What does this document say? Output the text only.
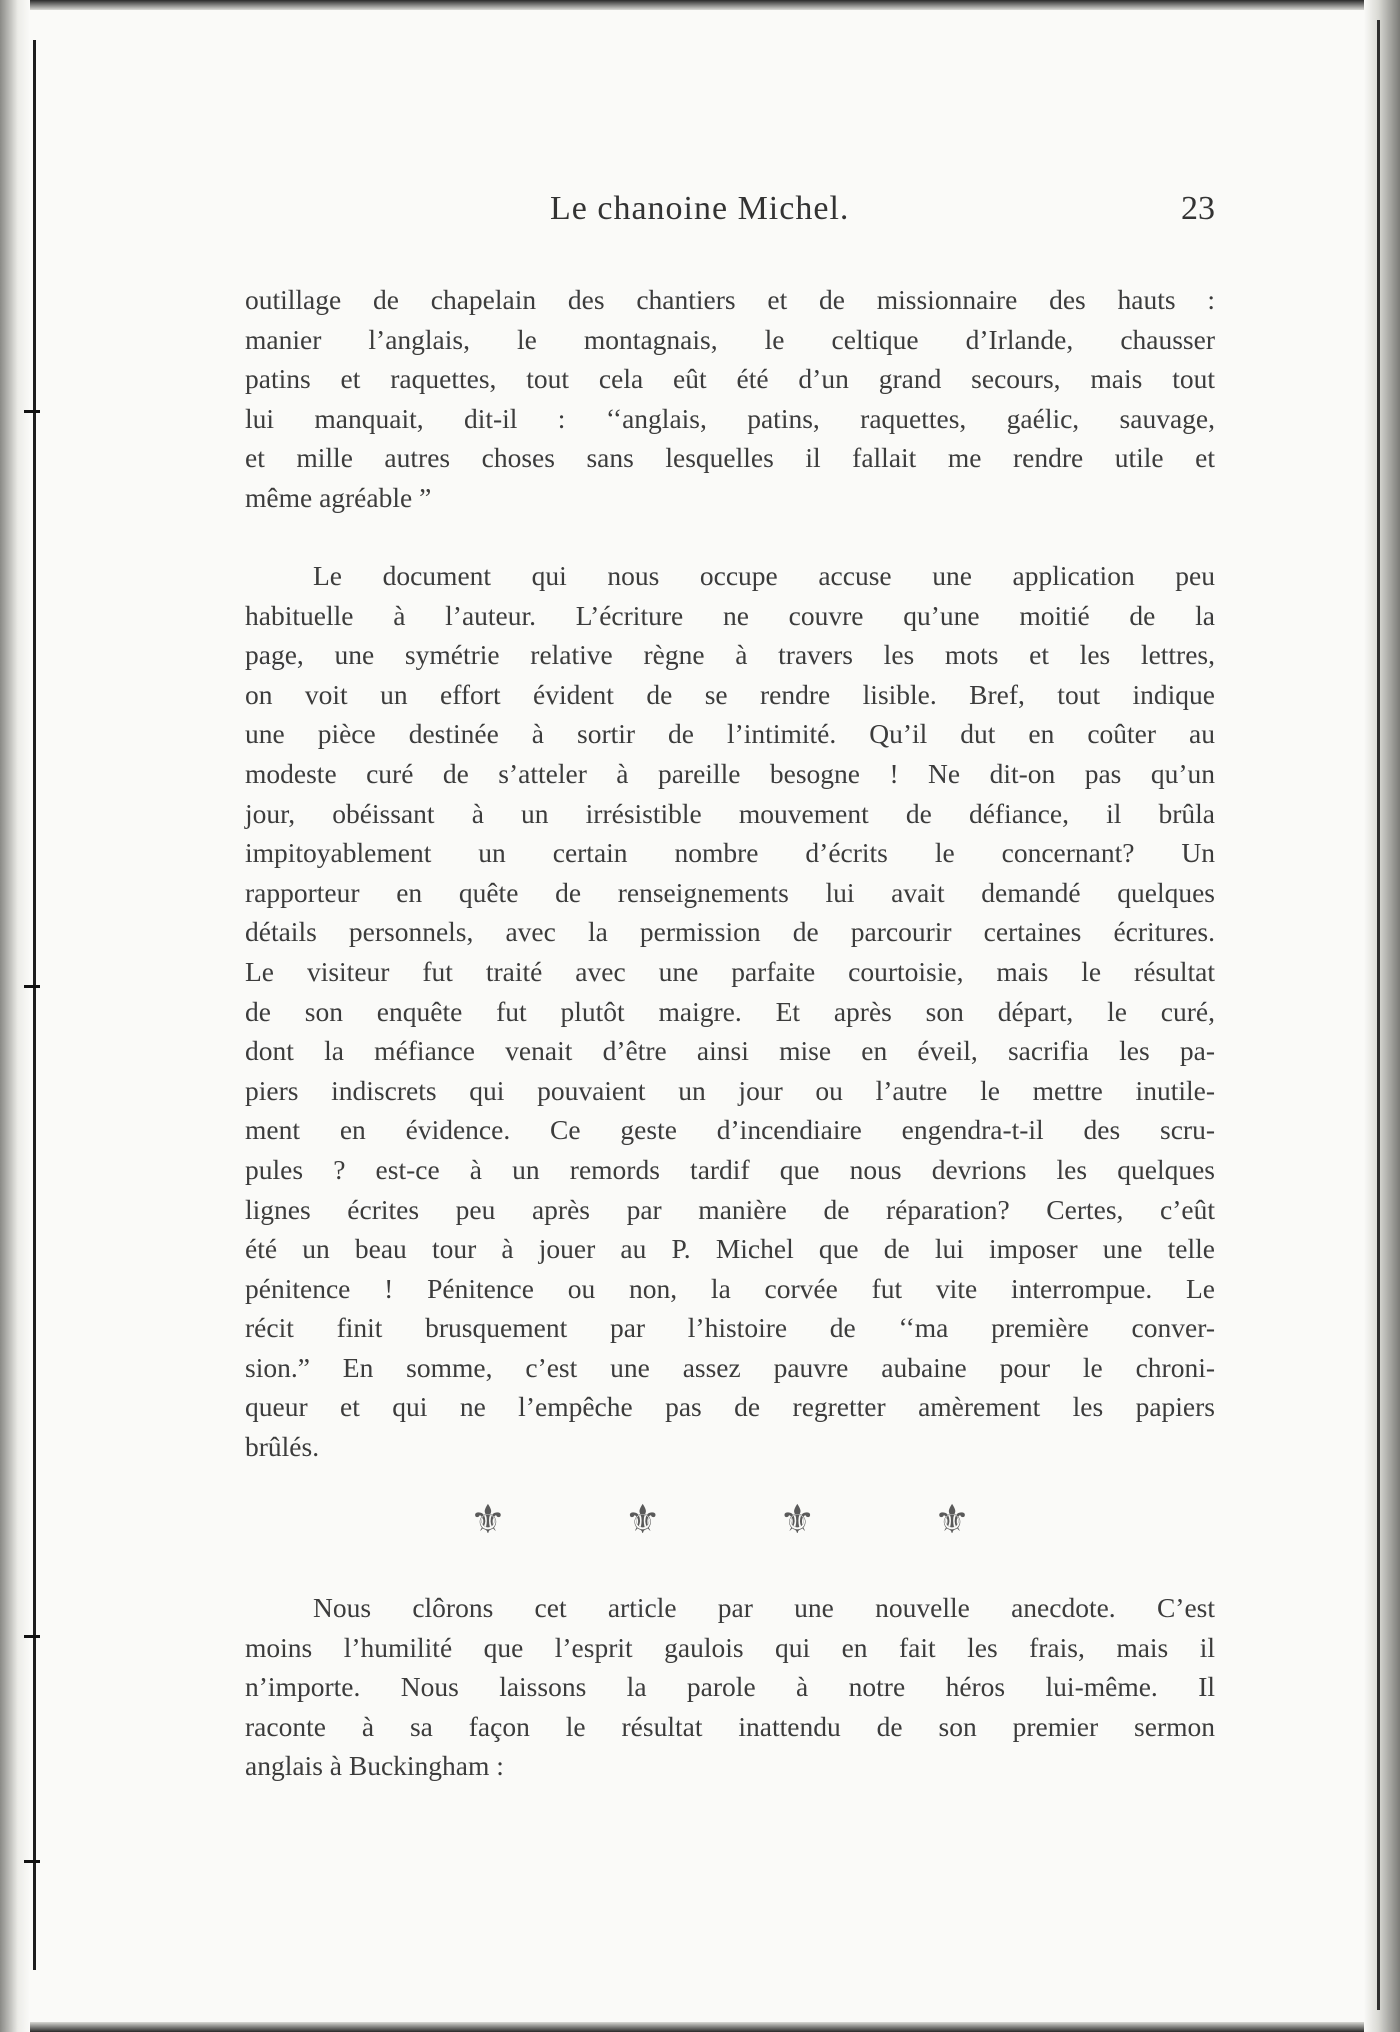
Le chanoine Michel.	23
outillage de chapelain des chantiers et de missionnaire des hauts :
manier l’anglais, le montagnais, le celtique d’Irlande, chausser
patins et raquettes, tout cela eût été d’un grand secours, mais tout
lui manquait, dit-il : ‘‘anglais, patins, raquettes, gaélic, sauvage,
et mille autres choses sans lesquelles il fallait me rendre utile et
même agréable ”
Le document qui nous occupe accuse une application peu
habituelle à l’auteur. L’écriture ne couvre qu’une moitié de la
page, une symétrie relative règne à travers les mots et les lettres,
on voit un effort évident de se rendre lisible. Bref, tout indique
une pièce destinée à sortir de l’intimité. Qu’il dut en coûter au
modeste curé de s’atteler à pareille besogne ! Ne dit-on pas qu’un
jour, obéissant à un irrésistible mouvement de défiance, il brûla
impitoyablement un certain nombre d’écrits le concernant? Un
rapporteur en quête de renseignements lui avait demandé quelques
détails personnels, avec la permission de parcourir certaines écritures.
Le visiteur fut traité avec une parfaite courtoisie, mais le résultat
de son enquête fut plutôt maigre. Et après son départ, le curé,
dont la méfiance venait d’être ainsi mise en éveil, sacrifia les pa-
piers indiscrets qui pouvaient un jour ou l’autre le mettre inutile-
ment en évidence. Ce geste d’incendiaire engendra-t-il des scru-
pules ? est-ce à un remords tardif que nous devrions les quelques
lignes écrites peu après par manière de réparation? Certes, c’eût
été un beau tour à jouer au P. Michel que de lui imposer une telle
pénitence ! Pénitence ou non, la corvée fut vite interrompue. Le
récit finit brusquement par l’histoire de ‘‘ma première conver-
sion.” En somme, c’est une assez pauvre aubaine pour le chroni-
queur et qui ne l’empêche pas de regretter amèrement les papiers
brûlés.
⚜	⚜	⚜	⚜
Nous clôrons cet article par une nouvelle anecdote. C’est
moins l’humilité que l’esprit gaulois qui en fait les frais, mais il
n’importe. Nous laissons la parole à notre héros lui-même. Il
raconte à sa façon le résultat inattendu de son premier sermon
anglais à Buckingham :
